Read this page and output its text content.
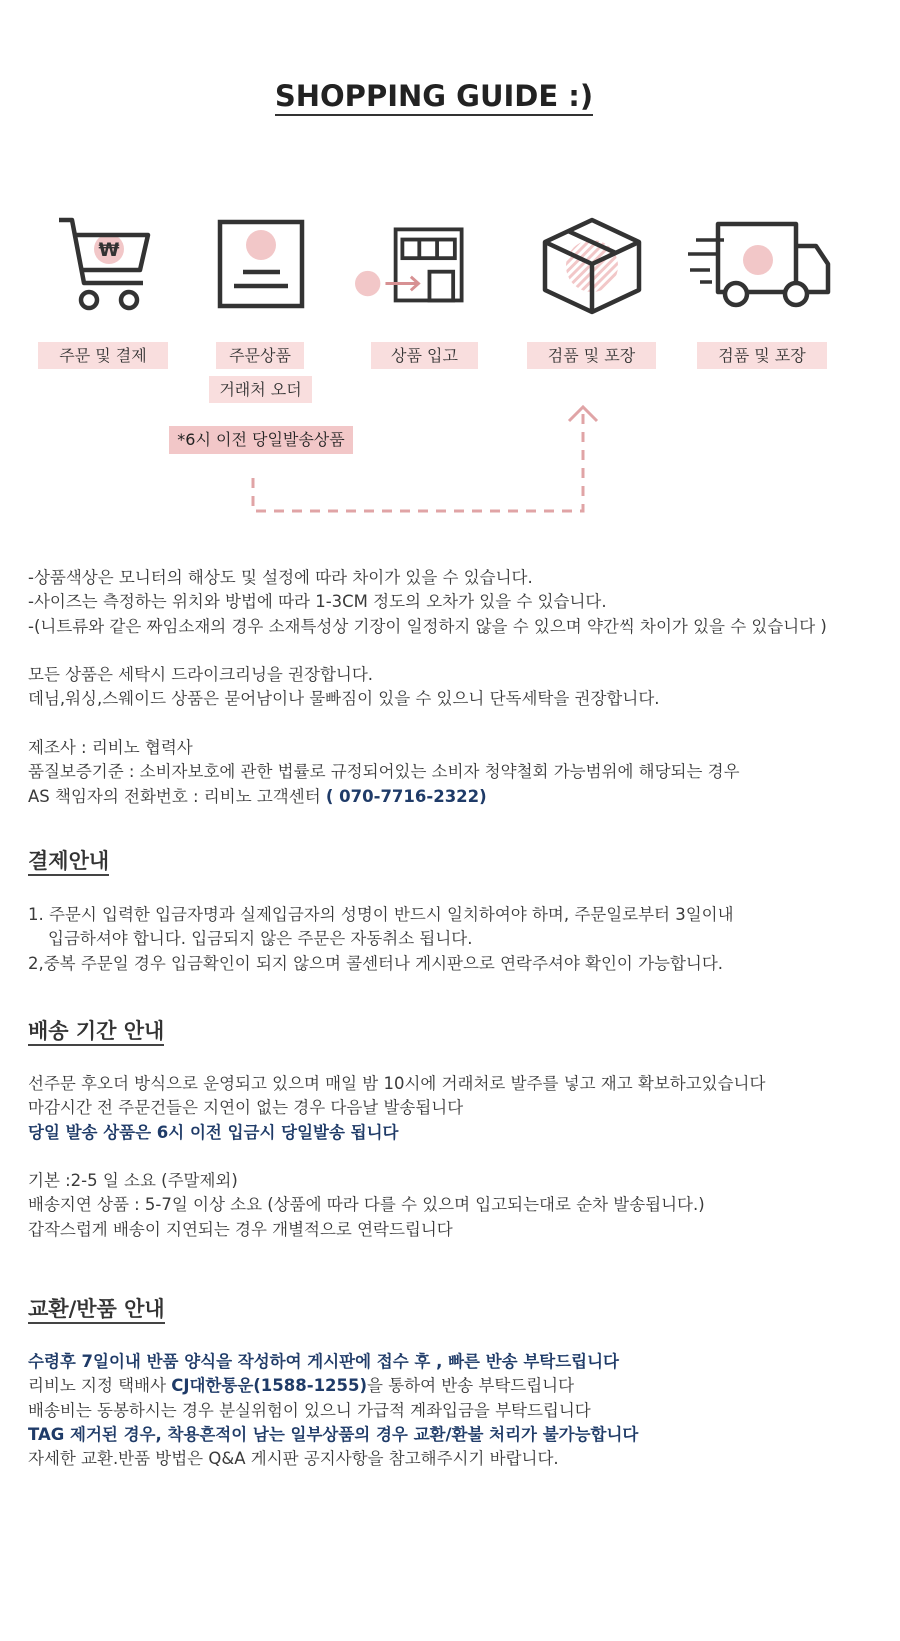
SHOPPING GUIDE :)
₩
주문 및 결제	주문상품
거래처 오더
상품 입고	검품 및 포장	검품 및 포장
*6시 이전 당일발송상품
-상품색상은 모니터의 해상도 및 설정에 따라 차이가 있을 수 있습니다.
-사이즈는 측정하는 위치와 방법에 따라 1-3CM 정도의 오차가 있을 수 있습니다.
-(니트류와 같은 짜임소재의 경우 소재특성상 기장이 일정하지 않을 수 있으며 약간씩 차이가 있을 수 있습니다 )
모든 상품은 세탁시 드라이크리닝을 권장합니다.
데님,워싱,스웨이드 상품은 묻어남이나 물빠짐이 있을 수 있으니 단독세탁을 권장합니다.
제조사 : 리비노 협력사
품질보증기준 : 소비자보호에 관한 법률로 규정되어있는 소비자 청약철회 가능범위에 해당되는 경우
AS 책임자의 전화번호 : 리비노 고객센터 ( 070-7716-2322)
결제안내
1. 주문시 입력한 입금자명과 실제입금자의 성명이 반드시 일치하여야 하며, 주문일로부터 3일이내
입금하셔야 합니다. 입금되지 않은 주문은 자동취소 됩니다.
2,중복 주문일 경우 입금확인이 되지 않으며 콜센터나 게시판으로 연락주셔야 확인이 가능합니다.
배송 기간 안내
선주문 후오더 방식으로 운영되고 있으며 매일 밤 10시에 거래처로 발주를 넣고 재고 확보하고있습니다
마감시간 전 주문건들은 지연이 없는 경우 다음날 발송됩니다
당일 발송 상품은 6시 이전 입금시 당일발송 됩니다
기본 :2-5 일 소요 (주말제외)
배송지연 상품 : 5-7일 이상 소요 (상품에 따라 다를 수 있으며 입고되는대로 순차 발송됩니다.)
갑작스럽게 배송이 지연되는 경우 개별적으로 연락드립니다
교환/반품 안내
수령후 7일이내 반품 양식을 작성하여 게시판에 접수 후 , 빠른 반송 부탁드립니다
리비노 지정 택배사 CJ대한통운(1588-1255)을 통하여 반송 부탁드립니다
배송비는 동봉하시는 경우 분실위험이 있으니 가급적 계좌입금을 부탁드립니다
TAG 제거된 경우, 착용흔적이 남는 일부상품의 경우 교환/환불 처리가 불가능합니다
자세한 교환.반품 방법은 Q&A 게시판 공지사항을 참고해주시기 바랍니다.
